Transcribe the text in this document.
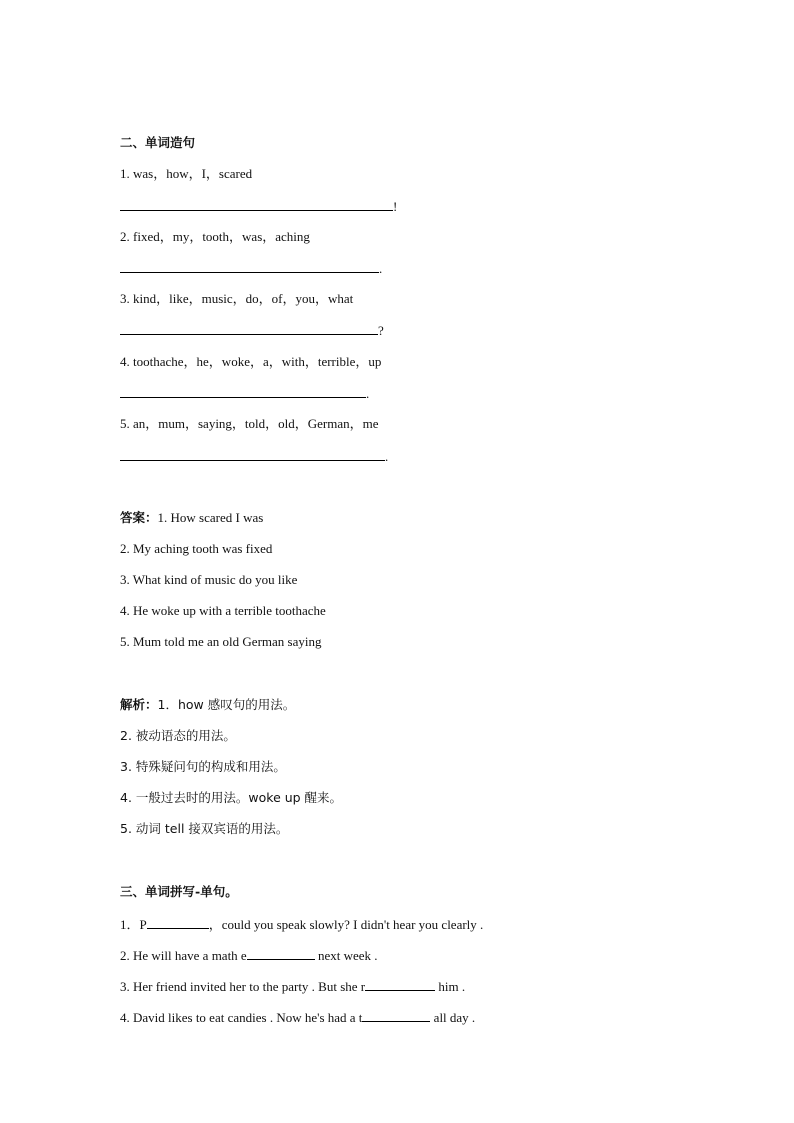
二、单词造句
1. was，how，I，scared
!
2. fixed，my，tooth，was，aching
.
3. kind，like，music，do，of，you，what
?
4. toothache，he，woke，a，with，terrible，up
.
5. an，mum，saying，told，old，German，me
.
答案：1. How scared I was
2. My aching tooth was fixed
3. What kind of music do you like
4. He woke up with a terrible toothache
5. Mum told me an old German saying
解析：1．how 感叹句的用法。
2. 被动语态的用法。
3. 特殊疑问句的构成和用法。
4. 一般过去时的用法。woke up 醒来。
5. 动词 tell 接双宾语的用法。
三、单词拼写-单句。
1．P	，could you speak slowly? I didn't hear you clearly .
2. He will have a math e	next week .
3. Her friend invited her to the party . But she r	him .
4. David likes to eat candies . Now he's had a t	all day .
